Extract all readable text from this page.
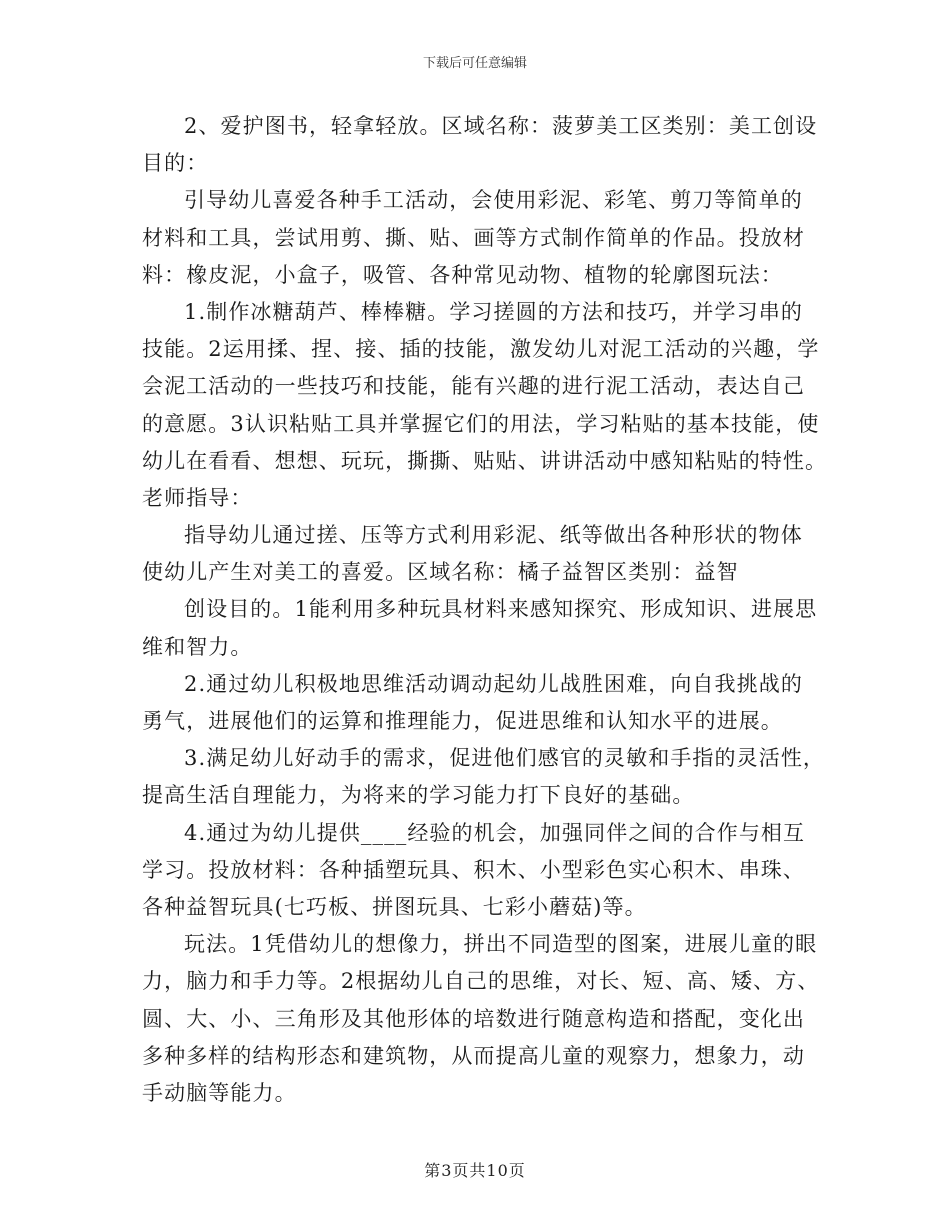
下载后可任意编辑
2、爱护图书，轻拿轻放。区域名称：菠萝美工区类别：美工创设
目的：
引导幼儿喜爱各种手工活动，会使用彩泥、彩笔、剪刀等简单的
材料和工具，尝试用剪、撕、贴、画等方式制作简单的作品。投放材
料：橡皮泥，小盒子，吸管、各种常见动物、植物的轮廓图玩法：
1.制作冰糖葫芦、棒棒糖。学习搓圆的方法和技巧，并学习串的
技能。2运用揉、捏、接、插的技能，激发幼儿对泥工活动的兴趣，学
会泥工活动的一些技巧和技能，能有兴趣的进行泥工活动，表达自己
的意愿。3认识粘贴工具并掌握它们的用法，学习粘贴的基本技能，使
幼儿在看看、想想、玩玩，撕撕、贴贴、讲讲活动中感知粘贴的特性。
老师指导：
指导幼儿通过搓、压等方式利用彩泥、纸等做出各种形状的物体
使幼儿产生对美工的喜爱。区域名称：橘子益智区类别：益智
创设目的。1能利用多种玩具材料来感知探究、形成知识、进展思
维和智力。
2.通过幼儿积极地思维活动调动起幼儿战胜困难，向自我挑战的
勇气，进展他们的运算和推理能力，促进思维和认知水平的进展。
3.满足幼儿好动手的需求，促进他们感官的灵敏和手指的灵活性，
提高生活自理能力，为将来的学习能力打下良好的基础。
4.通过为幼儿提供____经验的机会，加强同伴之间的合作与相互
学习。投放材料：各种插塑玩具、积木、小型彩色实心积木、串珠、
各种益智玩具(七巧板、拼图玩具、七彩小蘑菇)等。
玩法。1凭借幼儿的想像力，拼出不同造型的图案，进展儿童的眼
力，脑力和手力等。2根据幼儿自己的思维，对长、短、高、矮、方、
圆、大、小、三角形及其他形体的培数进行随意构造和搭配，变化出
多种多样的结构形态和建筑物，从而提高儿童的观察力，想象力，动
手动脑等能力。
第3页共10页
